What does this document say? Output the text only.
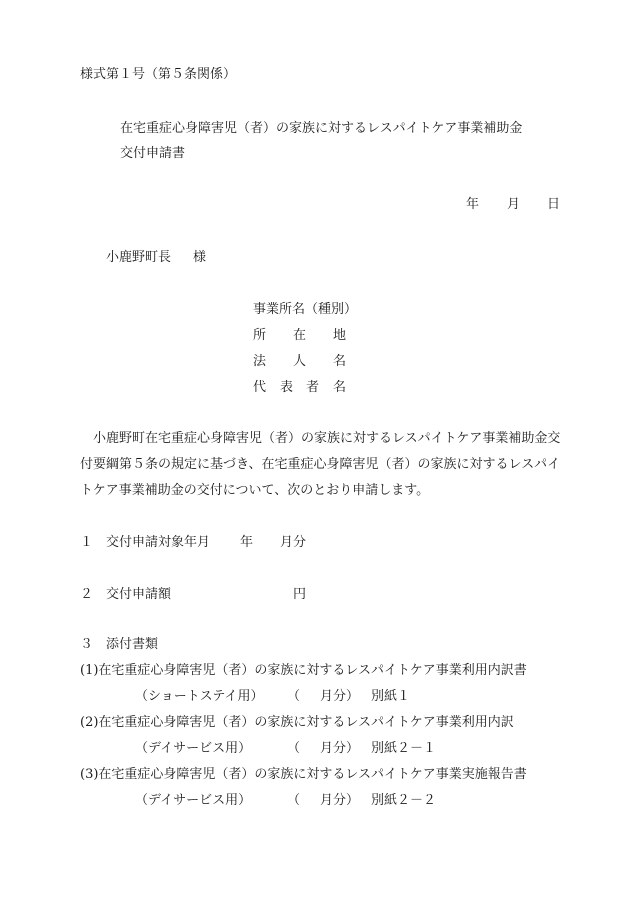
様式第１号（第５条関係）
在宅重症心身障害児（者）の家族に対するレスパイトケア事業補助金
交付申請書
年 月 日
小鹿野町長 様
事業所名（種別）
所 在 地
法 人 名
代 表 者 名
　小鹿野町在宅重症心身障害児（者）の家族に対するレスパイトケア事業補助金交
付要綱第５条の規定に基づき、在宅重症心身障害児（者）の家族に対するレスパイ
トケア事業補助金の交付について、次のとおり申請します。
１ 交付申請対象年月 年 月分
２ 交付申請額	円
３ 添付書類
(1)在宅重症心身障害児（者）の家族に対するレスパイトケア事業利用内訳書
（ショートステイ用） （ 月分） 別紙１
(2)在宅重症心身障害児（者）の家族に対するレスパイトケア事業利用内訳
（デイサービス用）	（ 月分） 別紙２－１
(3)在宅重症心身障害児（者）の家族に対するレスパイトケア事業実施報告書
（デイサービス用）	（ 月分） 別紙２－２
